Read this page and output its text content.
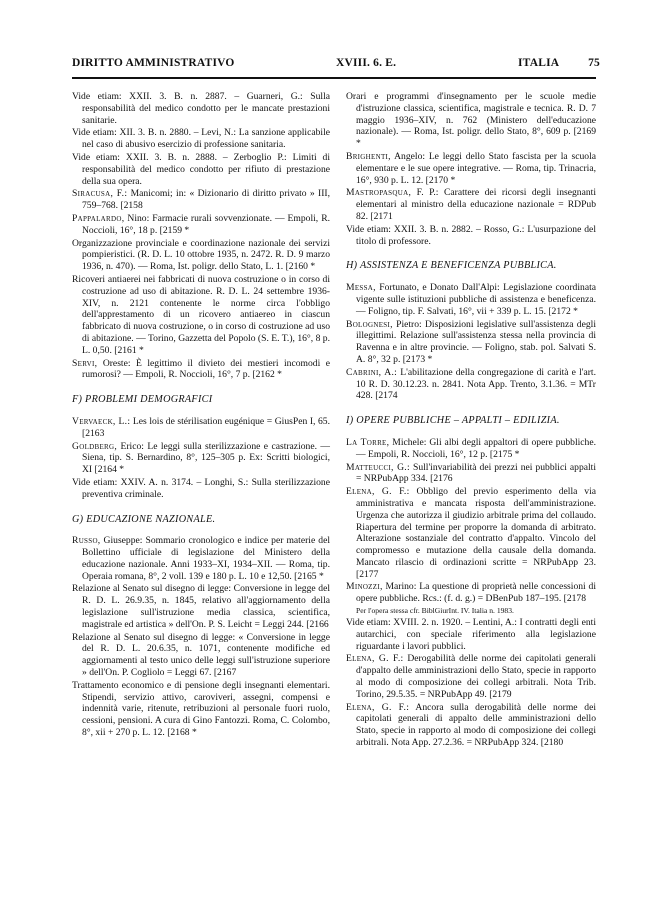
DIRITTO AMMINISTRATIVO	XVIII. 6. E.	ITALIA	75
Vide etiam: XXII. 3. B. n. 2887. – Guarneri, G.: Sulla responsabilità del medico condotto per le mancate prestazioni sanitarie.
Vide etiam: XII. 3. B. n. 2880. – Levi, N.: La sanzione applicabile nel caso di abusivo esercizio di professione sanitaria.
Vide etiam: XXII. 3. B. n. 2888. – Zerboglio P.: Limiti di responsabilità del medico condotto per rifiuto di prestazione della sua opera.
Siracusa, F.: Manicomi; in: « Dizionario di diritto privato » III, 759–768. [2158
Pappalardo, Nino: Farmacie rurali sovvenzionate. — Empoli, R. Noccioli, 16°, 18 p. [2159 *
Organizzazione provinciale e coordinazione nazionale dei servizi pompieristici. (R. D. L. 10 ottobre 1935, n. 2472. R. D. 9 marzo 1936, n. 470). — Roma, Ist. poligr. dello Stato, L. 1. [2160 *
Ricoveri antiaerei nei fabbricati di nuova costruzione o in corso di costruzione ad uso di abitazione. R. D. L. 24 settembre 1936-XIV, n. 2121 contenente le norme circa l'obbligo dell'apprestamento di un ricovero antiaereo in ciascun fabbricato di nuova costruzione, o in corso di costruzione ad uso di abitazione. — Torino, Gazzetta del Popolo (S. E. T.), 16°, 8 p. L. 0,50. [2161 *
Servi, Oreste: È legittimo il divieto dei mestieri incomodi e rumorosi? — Empoli, R. Noccioli, 16°, 7 p. [2162 *
F) PROBLEMI DEMOGRAFICI
Vervaeck, L.: Les lois de stérilisation eugénique = GiusPen I, 65. [2163
Goldberg, Erico: Le leggi sulla sterilizzazione e castrazione. — Siena, tip. S. Bernardino, 8°, 125–305 p. Ex: Scritti biologici, XI [2164 *
Vide etiam: XXIV. A. n. 3174. – Longhi, S.: Sulla sterilizzazione preventiva criminale.
G) EDUCAZIONE NAZIONALE.
Russo, Giuseppe: Sommario cronologico e indice per materie del Bollettino ufficiale di legislazione del Ministero della educazione nazionale. Anni 1933–XI, 1934–XII. — Roma, tip. Operaia romana, 8°, 2 voll. 139 e 180 p. L. 10 e 12,50. [2165 *
Relazione al Senato sul disegno di legge: Conversione in legge del R. D. L. 26.9.35, n. 1845, relativo all'aggiornamento della legislazione sull'istruzione media classica, scientifica, magistrale ed artistica » dell'On. P. S. Leicht = Leggi 244. [2166
Relazione al Senato sul disegno di legge: « Conversione in legge del R. D. L. 20.6.35, n. 1071, contenente modifiche ed aggiornamenti al testo unico delle leggi sull'istruzione superiore » dell'On. P. Cogliolo = Leggi 67. [2167
Trattamento economico e di pensione degli insegnanti elementari. Stipendi, servizio attivo, caroviveri, assegni, compensi e indennità varie, ritenute, retribuzioni al personale fuori ruolo, cessioni, pensioni. A cura di Gino Fantozzi. Roma, C. Colombo, 8°, xii + 270 p. L. 12. [2168 *
Orari e programmi d'insegnamento per le scuole medie d'istruzione classica, scientifica, magistrale e tecnica. R. D. 7 maggio 1936–XIV, n. 762 (Ministero dell'educazione nazionale). — Roma, Ist. poligr. dello Stato, 8°, 609 p. [2169 *
Brighenti, Angelo: Le leggi dello Stato fascista per la scuola elementare e le sue opere integrative. — Roma, tip. Trinacria, 16°, 930 p. L. 12. [2170 *
Mastropasqua, F. P.: Carattere dei ricorsi degli insegnanti elementari al ministro della educazione nazionale = RDPub 82. [2171
Vide etiam: XXII. 3. B. n. 2882. – Rosso, G.: L'usurpazione del titolo di professore.
H) ASSISTENZA E BENEFICENZA PUBBLICA.
Messa, Fortunato, e Donato Dall'Alpi: Legislazione coordinata vigente sulle istituzioni pubbliche di assistenza e beneficenza. — Foligno, tip. F. Salvati, 16°, vii + 339 p. L. 15. [2172 *
Bolognesi, Pietro: Disposizioni legislative sull'assistenza degli illegittimi. Relazione sull'assistenza stessa nella provincia di Ravenna e in altre provincie. — Foligno, stab. pol. Salvati S. A. 8°, 32 p. [2173 *
Cabrini, A.: L'abilitazione della congregazione di carità e l'art. 10 R. D. 30.12.23. n. 2841. Nota App. Trento, 3.1.36. = MTr 428. [2174
I) OPERE PUBBLICHE – APPALTI – EDILIZIA.
La Torre, Michele: Gli albi degli appaltori di opere pubbliche. — Empoli, R. Noccioli, 16°, 12 p. [2175 *
Matteucci, G.: Sull'invariabilità dei prezzi nei pubblici appalti = NRPubApp 334. [2176
Elena, G. F.: Obbligo del previo esperimento della via amministrativa e mancata risposta dell'amministrazione. Urgenza che autorizza il giudizio arbitrale prima del collaudo. Riapertura del termine per proporre la domanda di arbitrato. Alterazione sostanziale del contratto d'appalto. Vincolo del compromesso e mutazione della causale della domanda. Mancato rilascio di ordinazioni scritte = NRPubApp 23. [2177
Minozzi, Marino: La questione di proprietà nelle concessioni di opere pubbliche. Rcs.: (f. d. g.) = DBenPub 187–195. [2178
Per l'opera stessa cfr. BiblGiurInt. IV. Italia n. 1983.
Vide etiam: XVIII. 2. n. 1920. – Lentini, A.: I contratti degli enti autarchici, con speciale riferimento alla legislazione riguardante i lavori pubblici.
Elena, G. F.: Derogabilità delle norme dei capitolati generali d'appalto delle amministrazioni dello Stato, specie in rapporto al modo di composizione dei collegi arbitrali. Nota Trib. Torino, 29.5.35. = NRPubApp 49. [2179
Elena, G. F.: Ancora sulla derogabilità delle norme dei capitolati generali di appalto delle amministrazioni dello Stato, specie in rapporto al modo di composizione dei collegi arbitrali. Nota App. 27.2.36. = NRPubApp 324. [2180
